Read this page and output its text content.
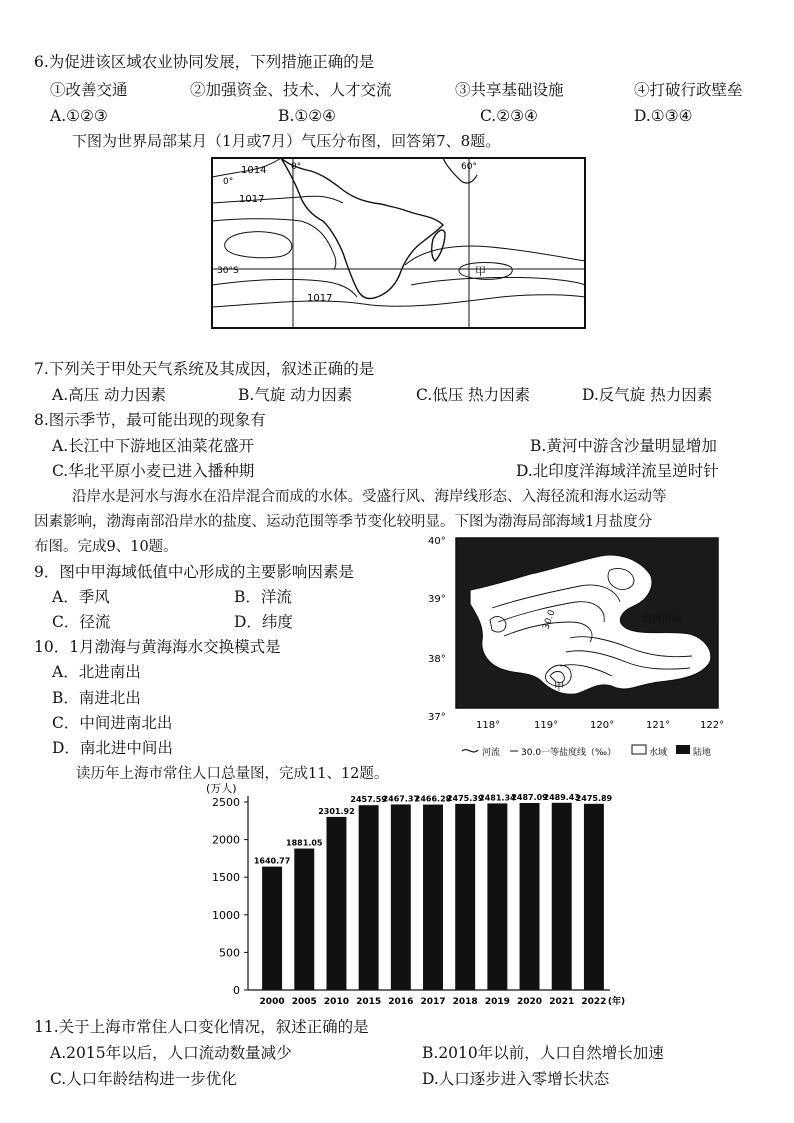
6.为促进该区域农业协同发展，下列措施正确的是
①改善交通	②加强资金、技术、人才交流	③共享基础设施	④打破行政壁垒
A.①②③	B.①②④	C.②③④	D.①③④
下图为世界局部某月（1月或7月）气压分布图，回答第7、8题。
1014
0°
0°	60°
1017
30°S
1017
甲
7.下列关于甲处天气系统及其成因，叙述正确的是
A.高压 动力因素	B.气旋 动力因素	C.低压 热力因素	D.反气旋 热力因素
8.图示季节，最可能出现的现象有
A.长江中下游地区油菜花盛开	B.黄河中游含沙量明显增加
C.华北平原小麦已进入播种期	D.北印度洋海域洋流呈逆时针
沿岸水是河水与海水在沿岸混合而成的水体。受盛行风、海岸线形态、入海径流和海水运动等
因素影响，渤海南部沿岸水的盐度、运动范围等季节变化较明显。下图为渤海局部海域1月盐度分
布图。完成9、10题。
9．图中甲海域低值中心形成的主要影响因素是
A．季风	B．洋流
C．径流	D．纬度
10．1月渤海与黄海海水交换模式是
A．北进南出
B．南进北出
C．中间进南北出
D．南北进中间出
30.0	渤海海峡
甲
40°
39°
38°
37°
118°	119°	120°	121°	122°
河流 30.0一等盐度线（‰）	水域	陆地
读历年上海市常住人口总量图，完成11、12题。
0
500
1000
1500
2000
2500
(万人)
1640.77
2000
1881.05
2005
2301.92
2010
2457.59
2015
2467.37
2016
2466.28
2017
2475.39
2018
2481.34
2019
2487.09
2020
2489.43
2021
2475.89
2022 (年)
11.关于上海市常住人口变化情况，叙述正确的是
A.2015年以后，人口流动数量减少	B.2010年以前，人口自然增长加速
C.人口年龄结构进一步优化	D.人口逐步进入零增长状态
